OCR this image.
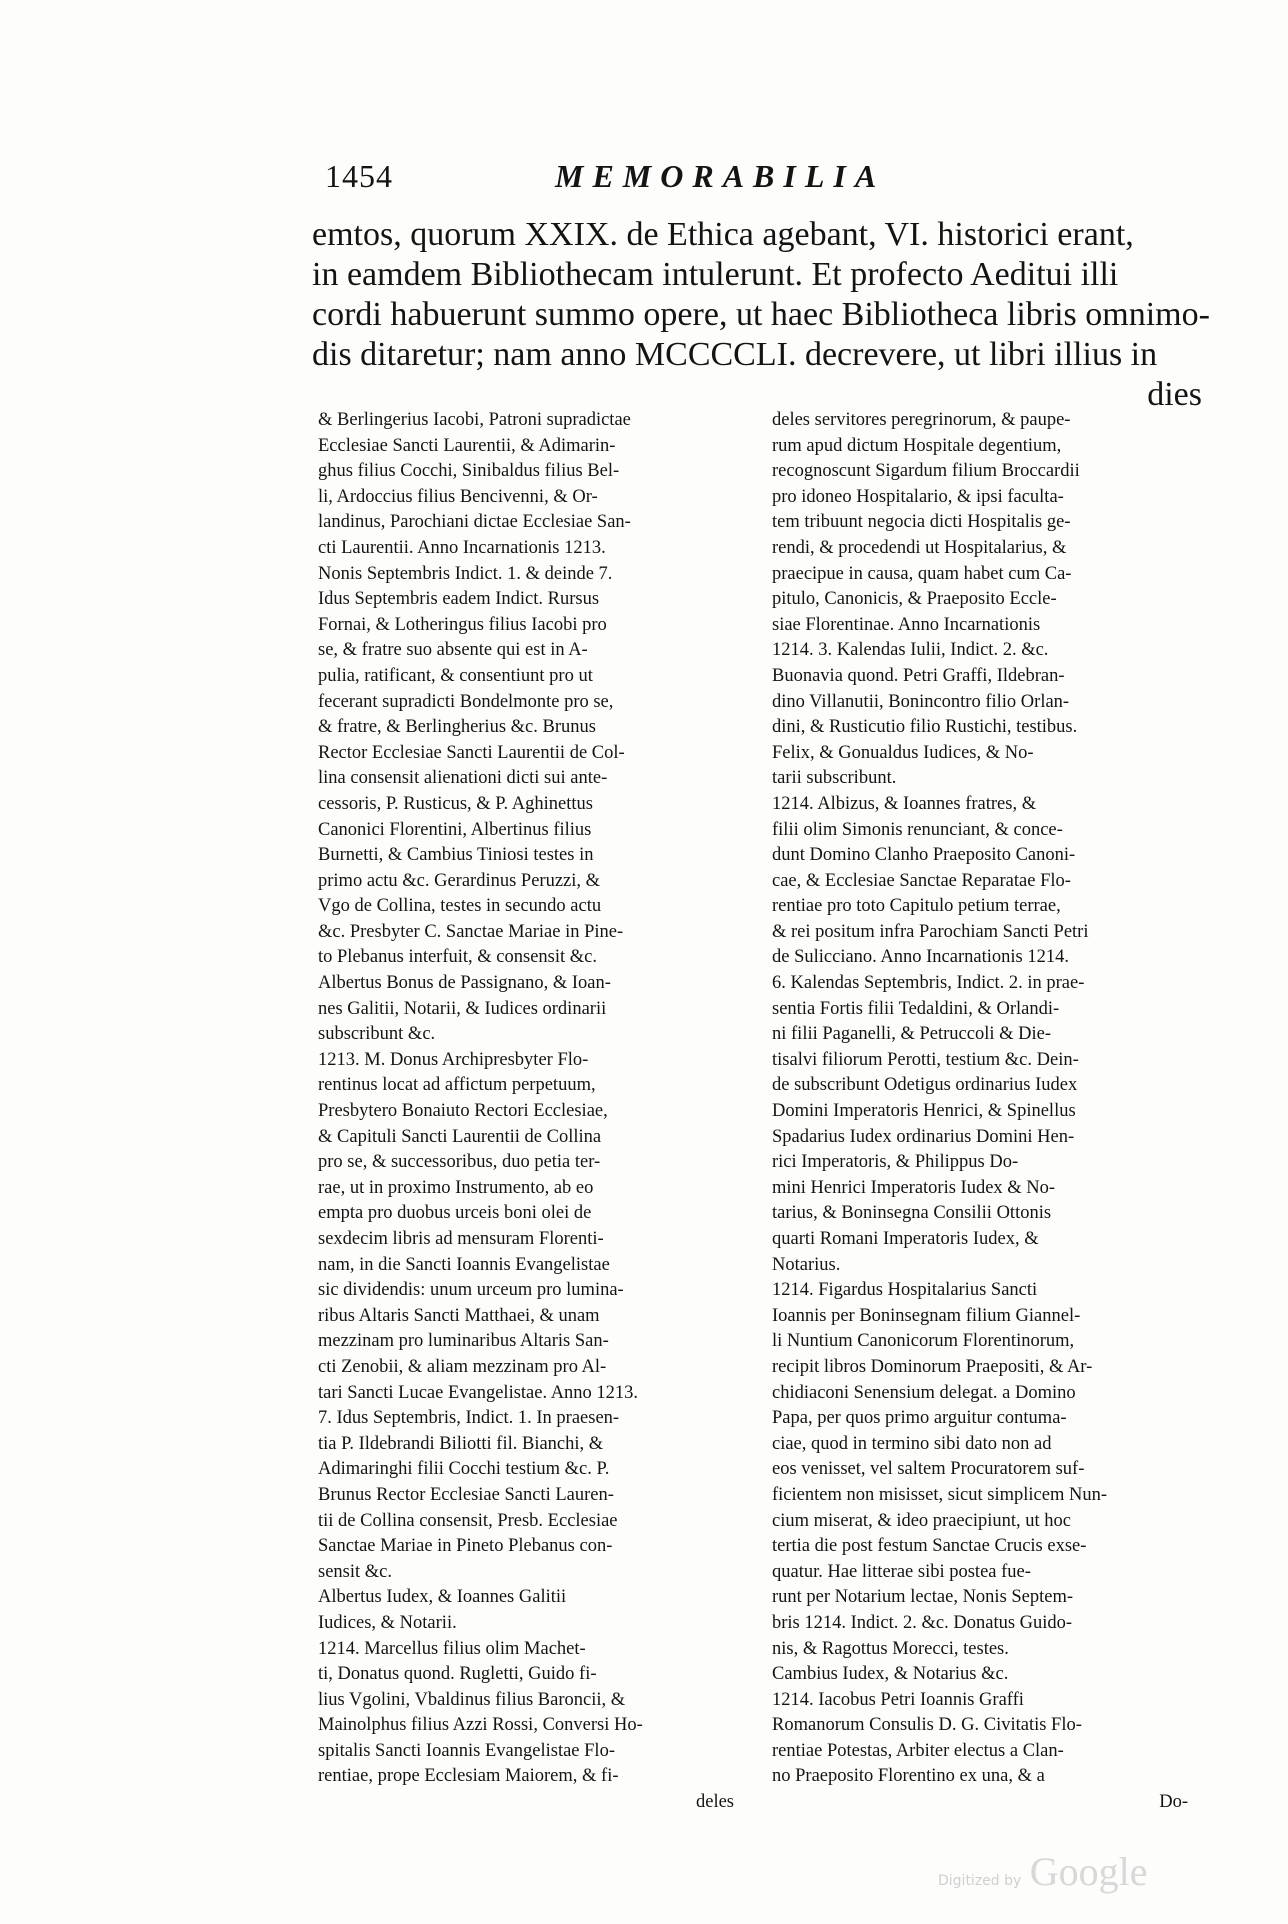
1454	MEMORABILIA
emtos, quorum XXIX. de Ethica agebant, VI. historici erant,
in eamdem Bibliothecam intulerunt. Et profecto Aeditui illi
cordi habuerunt summo opere, ut haec Bibliotheca libris omnimo-
dis ditaretur; nam anno MCCCCLI. decrevere, ut libri illius in
dies
& Berlingerius Iacobi, Patroni supradictae
Ecclesiae Sancti Laurentii, & Adimarin-
ghus filius Cocchi, Sinibaldus filius Bel-
li, Ardoccius filius Bencivenni, & Or-
landinus, Parochiani dictae Ecclesiae San-
cti Laurentii. Anno Incarnationis 1213.
Nonis Septembris Indict. 1. & deinde 7.
Idus Septembris eadem Indict. Rursus
Fornai, & Lotheringus filius Iacobi pro
se, & fratre suo absente qui est in A-
pulia, ratificant, & consentiunt pro ut
fecerant supradicti Bondelmonte pro se,
& fratre, & Berlingherius &c. Brunus
Rector Ecclesiae Sancti Laurentii de Col-
lina consensit alienationi dicti sui ante-
cessoris, P. Rusticus, & P. Aghinettus
Canonici Florentini, Albertinus filius
Burnetti, & Cambius Tiniosi testes in
primo actu &c. Gerardinus Peruzzi, &
Vgo de Collina, testes in secundo actu
&c. Presbyter C. Sanctae Mariae in Pine-
to Plebanus interfuit, & consensit &c.
Albertus Bonus de Passignano, & Ioan-
nes Galitii, Notarii, & Iudices ordinarii
subscribunt &c.
1213. M. Donus Archipresbyter Flo-
rentinus locat ad affictum perpetuum,
Presbytero Bonaiuto Rectori Ecclesiae,
& Capituli Sancti Laurentii de Collina
pro se, & successoribus, duo petia ter-
rae, ut in proximo Instrumento, ab eo
empta pro duobus urceis boni olei de
sexdecim libris ad mensuram Florenti-
nam, in die Sancti Ioannis Evangelistae
sic dividendis: unum urceum pro lumina-
ribus Altaris Sancti Matthaei, & unam
mezzinam pro luminaribus Altaris San-
cti Zenobii, & aliam mezzinam pro Al-
tari Sancti Lucae Evangelistae. Anno 1213.
7. Idus Septembris, Indict. 1. In praesen-
tia P. Ildebrandi Biliotti fil. Bianchi, &
Adimaringhi filii Cocchi testium &c. P.
Brunus Rector Ecclesiae Sancti Lauren-
tii de Collina consensit, Presb. Ecclesiae
Sanctae Mariae in Pineto Plebanus con-
sensit &c.
Albertus Iudex, & Ioannes Galitii
Iudices, & Notarii.
1214. Marcellus filius olim Machet-
ti, Donatus quond. Rugletti, Guido fi-
lius Vgolini, Vbaldinus filius Baroncii, &
Mainolphus filius Azzi Rossi, Conversi Ho-
spitalis Sancti Ioannis Evangelistae Flo-
rentiae, prope Ecclesiam Maiorem, & fi-
deles
deles servitores peregrinorum, & paupe-
rum apud dictum Hospitale degentium,
recognoscunt Sigardum filium Broccardii
pro idoneo Hospitalario, & ipsi faculta-
tem tribuunt negocia dicti Hospitalis ge-
rendi, & procedendi ut Hospitalarius, &
praecipue in causa, quam habet cum Ca-
pitulo, Canonicis, & Praeposito Eccle-
siae Florentinae. Anno Incarnationis
1214. 3. Kalendas Iulii, Indict. 2. &c.
Buonavia quond. Petri Graffi, Ildebran-
dino Villanutii, Bonincontro filio Orlan-
dini, & Rusticutio filio Rustichi, testibus.
Felix, & Gonualdus Iudices, & No-
tarii subscribunt.
1214. Albizus, & Ioannes fratres, &
filii olim Simonis renunciant, & conce-
dunt Domino Clanho Praeposito Canoni-
cae, & Ecclesiae Sanctae Reparatae Flo-
rentiae pro toto Capitulo petium terrae,
& rei positum infra Parochiam Sancti Petri
de Sulicciano. Anno Incarnationis 1214.
6. Kalendas Septembris, Indict. 2. in prae-
sentia Fortis filii Tedaldini, & Orlandi-
ni filii Paganelli, & Petruccoli & Die-
tisalvi filiorum Perotti, testium &c. Dein-
de subscribunt Odetigus ordinarius Iudex
Domini Imperatoris Henrici, & Spinellus
Spadarius Iudex ordinarius Domini Hen-
rici Imperatoris, & Philippus Do-
mini Henrici Imperatoris Iudex & No-
tarius, & Boninsegna Consilii Ottonis
quarti Romani Imperatoris Iudex, &
Notarius.
1214. Figardus Hospitalarius Sancti
Ioannis per Boninsegnam filium Giannel-
li Nuntium Canonicorum Florentinorum,
recipit libros Dominorum Praepositi, & Ar-
chidiaconi Senensium delegat. a Domino
Papa, per quos primo arguitur contuma-
ciae, quod in termino sibi dato non ad
eos venisset, vel saltem Procuratorem suf-
ficientem non misisset, sicut simplicem Nun-
cium miserat, & ideo praecipiunt, ut hoc
tertia die post festum Sanctae Crucis exse-
quatur. Hae litterae sibi postea fue-
runt per Notarium lectae, Nonis Septem-
bris 1214. Indict. 2. &c. Donatus Guido-
nis, & Ragottus Morecci, testes.
Cambius Iudex, & Notarius &c.
1214. Iacobus Petri Ioannis Graffi
Romanorum Consulis D. G. Civitatis Flo-
rentiae Potestas, Arbiter electus a Clan-
no Praeposito Florentino ex una, & a
Do-
Digitized by Google
